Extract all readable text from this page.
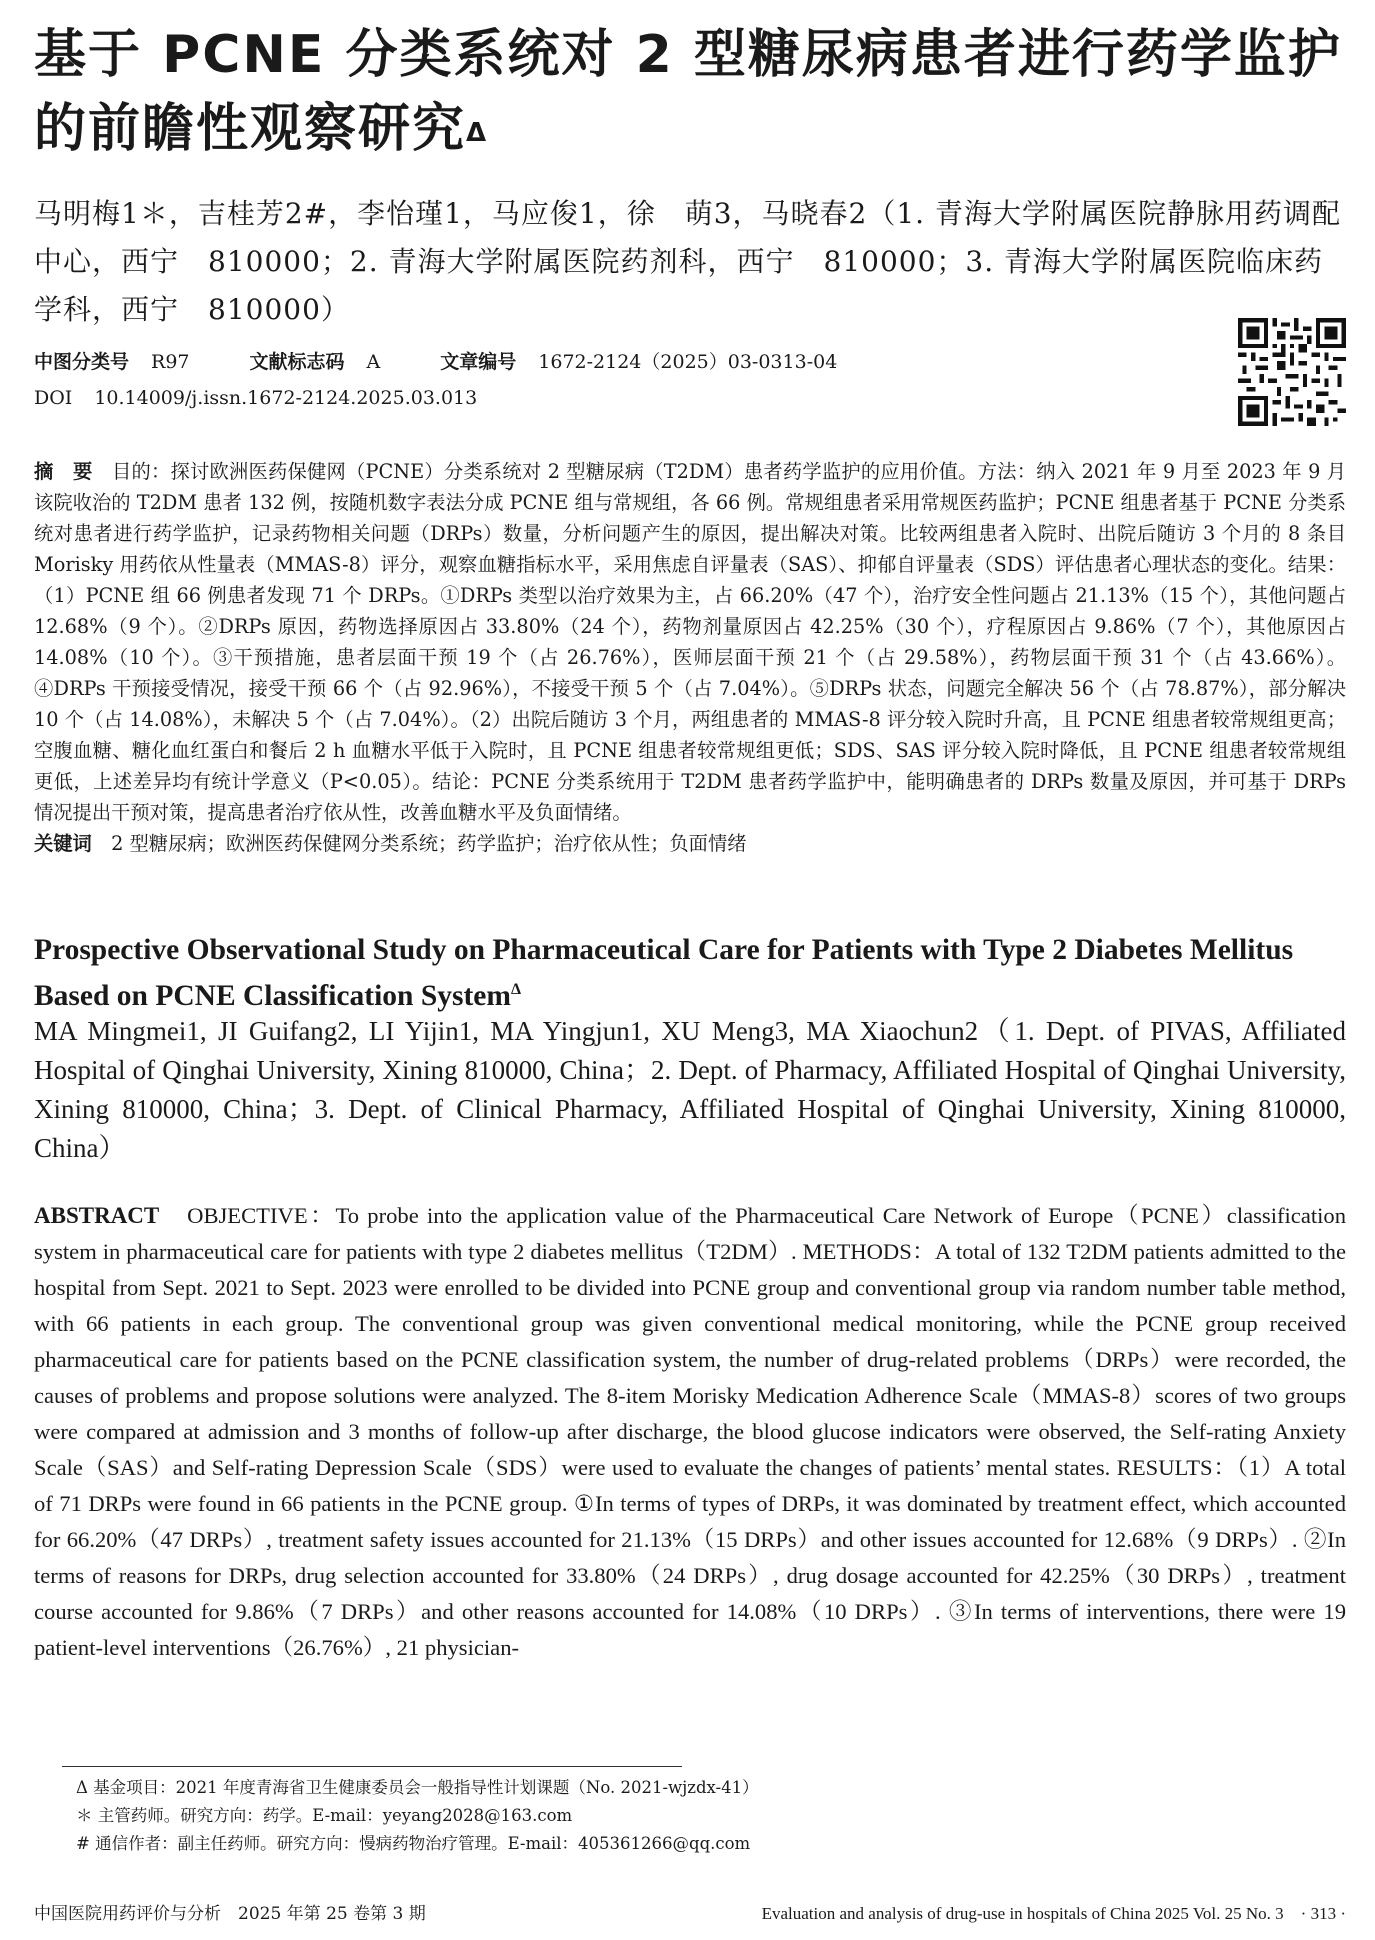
基于 PCNE 分类系统对 2 型糖尿病患者进行药学监护的前瞻性观察研究$^\Delta$
马明梅1＊，吉桂芳2#，李怡瑾1，马应俊1，徐　萌3，马晓春2（1. 青海大学附属医院静脉用药调配中心，西宁　810000；2. 青海大学附属医院药剂科，西宁　810000；3. 青海大学附属医院临床药学科，西宁　810000）
中图分类号 R97	文献标志码 A	文章编号 1672-2124（2025）03-0313-04
DOI 10.14009/j.issn.1672-2124.2025.03.013

摘　要　 目的：探讨欧洲医药保健网（PCNE）分类系统对 2 型糖尿病（T2DM）患者药学监护的应用价值。方法：纳入 2021 年 9 月至 2023 年 9 月该院收治的 T2DM 患者 132 例，按随机数字表法分成 PCNE 组与常规组，各 66 例。常规组患者采用常规医药监护；PCNE 组患者基于 PCNE 分类系统对患者进行药学监护，记录药物相关问题（DRPs）数量，分析问题产生的原因，提出解决对策。比较两组患者入院时、出院后随访 3 个月的 8 条目 Morisky 用药依从性量表（MMAS-8）评分，观察血糖指标水平，采用焦虑自评量表（SAS）、抑郁自评量表（SDS）评估患者心理状态的变化。结果：（1）PCNE 组 66 例患者发现 71 个 DRPs。①DRPs 类型以治疗效果为主，占 66.20%（47 个），治疗安全性问题占 21.13%（15 个），其他问题占 12.68%（9 个）。②DRPs 原因，药物选择原因占 33.80%（24 个），药物剂量原因占 42.25%（30 个），疗程原因占 9.86%（7 个），其他原因占 14.08%（10 个）。③干预措施，患者层面干预 19 个（占 26.76%），医师层面干预 21 个（占 29.58%），药物层面干预 31 个（占 43.66%）。④DRPs 干预接受情况，接受干预 66 个（占 92.96%），不接受干预 5 个（占 7.04%）。⑤DRPs 状态，问题完全解决 56 个（占 78.87%），部分解决 10 个（占 14.08%），未解决 5 个（占 7.04%）。（2）出院后随访 3 个月，两组患者的 MMAS-8 评分较入院时升高，且 PCNE 组患者较常规组更高；空腹血糖、糖化血红蛋白和餐后 2 h 血糖水平低于入院时，且 PCNE 组患者较常规组更低；SDS、SAS 评分较入院时降低，且 PCNE 组患者较常规组更低，上述差异均有统计学意义（P<0.05）。结论：PCNE 分类系统用于 T2DM 患者药学监护中，能明确患者的 DRPs 数量及原因，并可基于 DRPs 情况提出干预对策，提高患者治疗依从性，改善血糖水平及负面情绪。
关键词　 2 型糖尿病；欧洲医药保健网分类系统；药学监护；治疗依从性；负面情绪

Prospective Observational Study on Pharmaceutical Care for Patients with Type 2 Diabetes Mellitus Based on PCNE Classification System$^\Delta$
MA Mingmei1, JI Guifang2, LI Yijin1, MA Yingjun1, XU Meng3, MA Xiaochun2（1. Dept. of PIVAS, Affiliated Hospital of Qinghai University, Xining 810000, China；2. Dept. of Pharmacy, Affiliated Hospital of Qinghai University, Xining 810000, China；3. Dept. of Clinical Pharmacy, Affiliated Hospital of Qinghai University, Xining 810000, China）

ABSTRACT　 OBJECTIVE：To probe into the application value of the Pharmaceutical Care Network of Europe（PCNE）classification system in pharmaceutical care for patients with type 2 diabetes mellitus（T2DM）. METHODS：A total of 132 T2DM patients admitted to the hospital from Sept. 2021 to Sept. 2023 were enrolled to be divided into PCNE group and conventional group via random number table method, with 66 patients in each group. The conventional group was given conventional medical monitoring, while the PCNE group received pharmaceutical care for patients based on the PCNE classification system, the number of drug-related problems（DRPs）were recorded, the causes of problems and propose solutions were analyzed. The 8-item Morisky Medication Adherence Scale（MMAS-8）scores of two groups were compared at admission and 3 months of follow-up after discharge, the blood glucose indicators were observed, the Self-rating Anxiety Scale（SAS）and Self-rating Depression Scale（SDS）were used to evaluate the changes of patients’ mental states. RESULTS：（1）A total of 71 DRPs were found in 66 patients in the PCNE group. ①In terms of types of DRPs, it was dominated by treatment effect, which accounted for 66.20%（47 DRPs）, treatment safety issues accounted for 21.13%（15 DRPs）and other issues accounted for 12.68%（9 DRPs）. ②In terms of reasons for DRPs, drug selection accounted for 33.80%（24 DRPs）, drug dosage accounted for 42.25%（30 DRPs）, treatment course accounted for 9.86%（7 DRPs）and other reasons accounted for 14.08%（10 DRPs）. ③In terms of interventions, there were 19 patient-level interventions（26.76%）, 21 physician-

Δ 基金项目：2021 年度青海省卫生健康委员会一般指导性计划课题（No. 2021-wjzdx-41）
＊ 主管药师。研究方向：药学。E-mail：yeyang2028@163.com
# 通信作者：副主任药师。研究方向：慢病药物治疗管理。E-mail：405361266@qq.com
中国医院用药评价与分析　2025 年第 25 卷第 3 期	Evaluation and analysis of drug-use in hospitals of China 2025 Vol. 25 No. 3　· 313 ·
